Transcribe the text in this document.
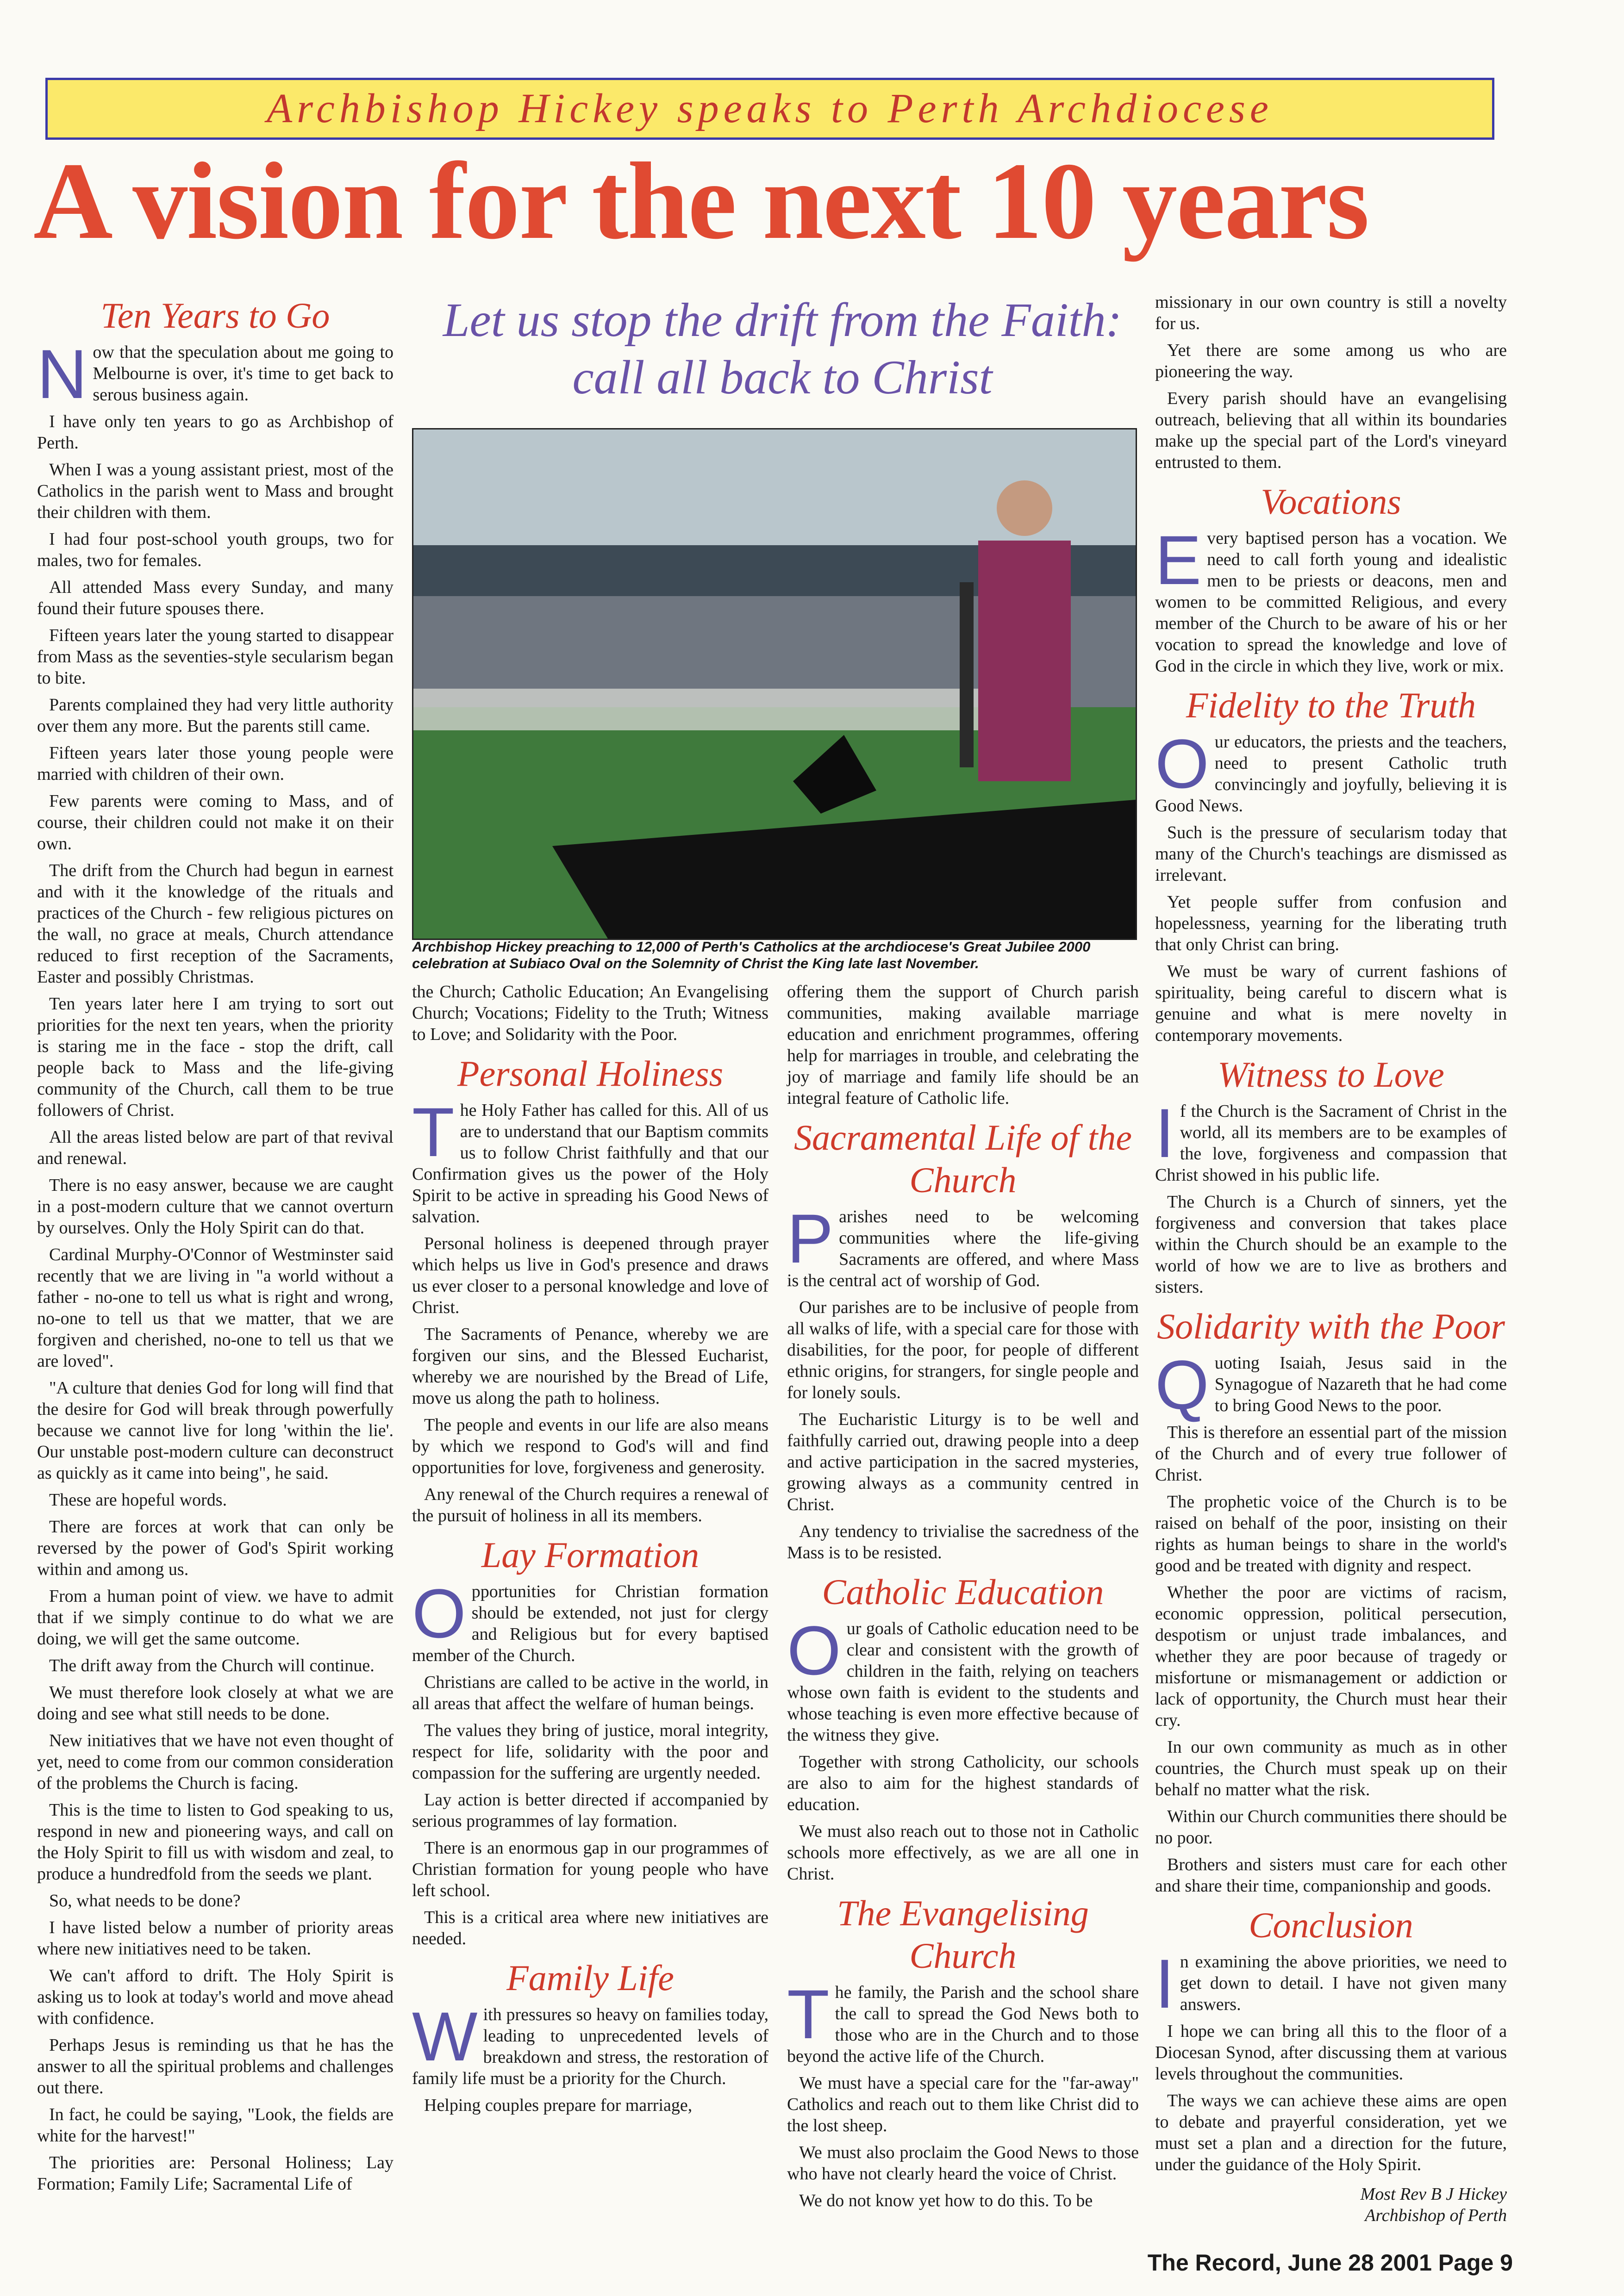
Archbishop Hickey speaks to Perth Archdiocese
A vision for the next 10 years
Let us stop the drift from the Faith: call all back to Christ
Archbishop Hickey preaching to 12,000 of Perth's Catholics at the archdiocese's Great Jubilee 2000 celebration at Subiaco Oval on the Solemnity of Christ the King late last November.
Ten Years to Go
N ow that the speculation about me going to Melbourne is over, it's time to get back to serous business again.

I have only ten years to go as Archbishop of Perth.

When I was a young assistant priest, most of the Catholics in the parish went to Mass and brought their children with them.

I had four post-school youth groups, two for males, two for females.

All attended Mass every Sunday, and many found their future spouses there.

Fifteen years later the young started to disappear from Mass as the seventies-style secularism began to bite.

Parents complained they had very little authority over them any more. But the parents still came.

Fifteen years later those young people were married with children of their own.

Few parents were coming to Mass, and of course, their children could not make it on their own.

The drift from the Church had begun in earnest and with it the knowledge of the rituals and practices of the Church - few religious pictures on the wall, no grace at meals, Church attendance reduced to first reception of the Sacraments, Easter and possibly Christmas.

Ten years later here I am trying to sort out priorities for the next ten years, when the priority is staring me in the face - stop the drift, call people back to Mass and the life-giving community of the Church, call them to be true followers of Christ.

All the areas listed below are part of that revival and renewal.

There is no easy answer, because we are caught in a post-modern culture that we cannot overturn by ourselves. Only the Holy Spirit can do that.

Cardinal Murphy-O'Connor of Westminster said recently that we are living in "a world without a father - no-one to tell us what is right and wrong, no-one to tell us that we matter, that we are forgiven and cherished, no-one to tell us that we are loved".

"A culture that denies God for long will find that the desire for God will break through powerfully because we cannot live for long 'within the lie'. Our unstable post-modern culture can deconstruct as quickly as it came into being", he said.

These are hopeful words.

There are forces at work that can only be reversed by the power of God's Spirit working within and among us.

From a human point of view. we have to admit that if we simply continue to do what we are doing, we will get the same outcome.

The drift away from the Church will continue.

We must therefore look closely at what we are doing and see what still needs to be done.

New initiatives that we have not even thought of yet, need to come from our common consideration of the problems the Church is facing.

This is the time to listen to God speaking to us, respond in new and pioneering ways, and call on the Holy Spirit to fill us with wisdom and zeal, to produce a hundredfold from the seeds we plant.

So, what needs to be done?

I have listed below a number of priority areas where new initiatives need to be taken.

We can't afford to drift. The Holy Spirit is asking us to look at today's world and move ahead with confidence.

Perhaps Jesus is reminding us that he has the answer to all the spiritual problems and challenges out there.

In fact, he could be saying, "Look, the fields are white for the harvest!"

The priorities are: Personal Holiness; Lay Formation; Family Life; Sacramental Life of

the Church; Catholic Education; An Evangelising Church; Vocations; Fidelity to the Truth; Witness to Love; and Solidarity with the Poor.

Personal Holiness
T he Holy Father has called for this. All of us are to understand that our Baptism commits us to follow Christ faithfully and that our Confirmation gives us the power of the Holy Spirit to be active in spreading his Good News of salvation.

Personal holiness is deepened through prayer which helps us live in God's presence and draws us ever closer to a personal knowledge and love of Christ.

The Sacraments of Penance, whereby we are forgiven our sins, and the Blessed Eucharist, whereby we are nourished by the Bread of Life, move us along the path to holiness.

The people and events in our life are also means by which we respond to God's will and find opportunities for love, forgiveness and generosity.

Any renewal of the Church requires a renewal of the pursuit of holiness in all its members.

Lay Formation
O pportunities for Christian formation should be extended, not just for clergy and Religious but for every baptised member of the Church.

Christians are called to be active in the world, in all areas that affect the welfare of human beings.

The values they bring of justice, moral integrity, respect for life, solidarity with the poor and compassion for the suffering are urgently needed.

Lay action is better directed if accompanied by serious programmes of lay formation.

There is an enormous gap in our programmes of Christian formation for young people who have left school.

This is a critical area where new initiatives are needed.

Family Life
W ith pressures so heavy on families today, leading to unprecedented levels of breakdown and stress, the restoration of family life must be a priority for the Church.

Helping couples prepare for marriage,

offering them the support of Church parish communities, making available marriage education and enrichment programmes, offering help for marriages in trouble, and celebrating the joy of marriage and family life should be an integral feature of Catholic life.

Sacramental Life of the Church
P arishes need to be welcoming communities where the life-giving Sacraments are offered, and where Mass is the central act of worship of God.

Our parishes are to be inclusive of people from all walks of life, with a special care for those with disabilities, for the poor, for people of different ethnic origins, for strangers, for single people and for lonely souls.

The Eucharistic Liturgy is to be well and faithfully carried out, drawing people into a deep and active participation in the sacred mysteries, growing always as a community centred in Christ.

Any tendency to trivialise the sacredness of the Mass is to be resisted.

Catholic Education
O ur goals of Catholic education need to be clear and consistent with the growth of children in the faith, relying on teachers whose own faith is evident to the students and whose teaching is even more effective because of the witness they give.

Together with strong Catholicity, our schools are also to aim for the highest standards of education.

We must also reach out to those not in Catholic schools more effectively, as we are all one in Christ.

The Evangelising Church
T he family, the Parish and the school share the call to spread the God News both to those who are in the Church and to those beyond the active life of the Church.

We must have a special care for the "far-away" Catholics and reach out to them like Christ did to the lost sheep.

We must also proclaim the Good News to those who have not clearly heard the voice of Christ.

We do not know yet how to do this. To be

missionary in our own country is still a novelty for us.

Yet there are some among us who are pioneering the way.

Every parish should have an evangelising outreach, believing that all within its boundaries make up the special part of the Lord's vineyard entrusted to them.

Vocations
E very baptised person has a vocation. We need to call forth young and idealistic men to be priests or deacons, men and women to be committed Religious, and every member of the Church to be aware of his or her vocation to spread the knowledge and love of God in the circle in which they live, work or mix.

Fidelity to the Truth
O ur educators, the priests and the teachers, need to present Catholic truth convincingly and joyfully, believing it is Good News.

Such is the pressure of secularism today that many of the Church's teachings are dismissed as irrelevant.

Yet people suffer from confusion and hopelessness, yearning for the liberating truth that only Christ can bring.

We must be wary of current fashions of spirituality, being careful to discern what is genuine and what is mere novelty in contemporary movements.

Witness to Love
I f the Church is the Sacrament of Christ in the world, all its members are to be examples of the love, forgiveness and compassion that Christ showed in his public life.

The Church is a Church of sinners, yet the forgiveness and conversion that takes place within the Church should be an example to the world of how we are to live as brothers and sisters.

Solidarity with the Poor
Q uoting Isaiah, Jesus said in the Synagogue of Nazareth that he had come to bring Good News to the poor.

This is therefore an essential part of the mission of the Church and of every true follower of Christ.

The prophetic voice of the Church is to be raised on behalf of the poor, insisting on their rights as human beings to share in the world's good and be treated with dignity and respect.

Whether the poor are victims of racism, economic oppression, political persecution, despotism or unjust trade imbalances, and whether they are poor because of tragedy or misfortune or mismanagement or addiction or lack of opportunity, the Church must hear their cry.

In our own community as much as in other countries, the Church must speak up on their behalf no matter what the risk.

Within our Church communities there should be no poor.

Brothers and sisters must care for each other and share their time, companionship and goods.

Conclusion
I n examining the above priorities, we need to get down to detail. I have not given many answers.

I hope we can bring all this to the floor of a Diocesan Synod, after discussing them at various levels throughout the communities.

The ways we can achieve these aims are open to debate and prayerful consideration, yet we must set a plan and a direction for the future, under the guidance of the Holy Spirit.

Most Rev B J Hickey
Archbishop of Perth
The Record, June 28 2001 Page 9
